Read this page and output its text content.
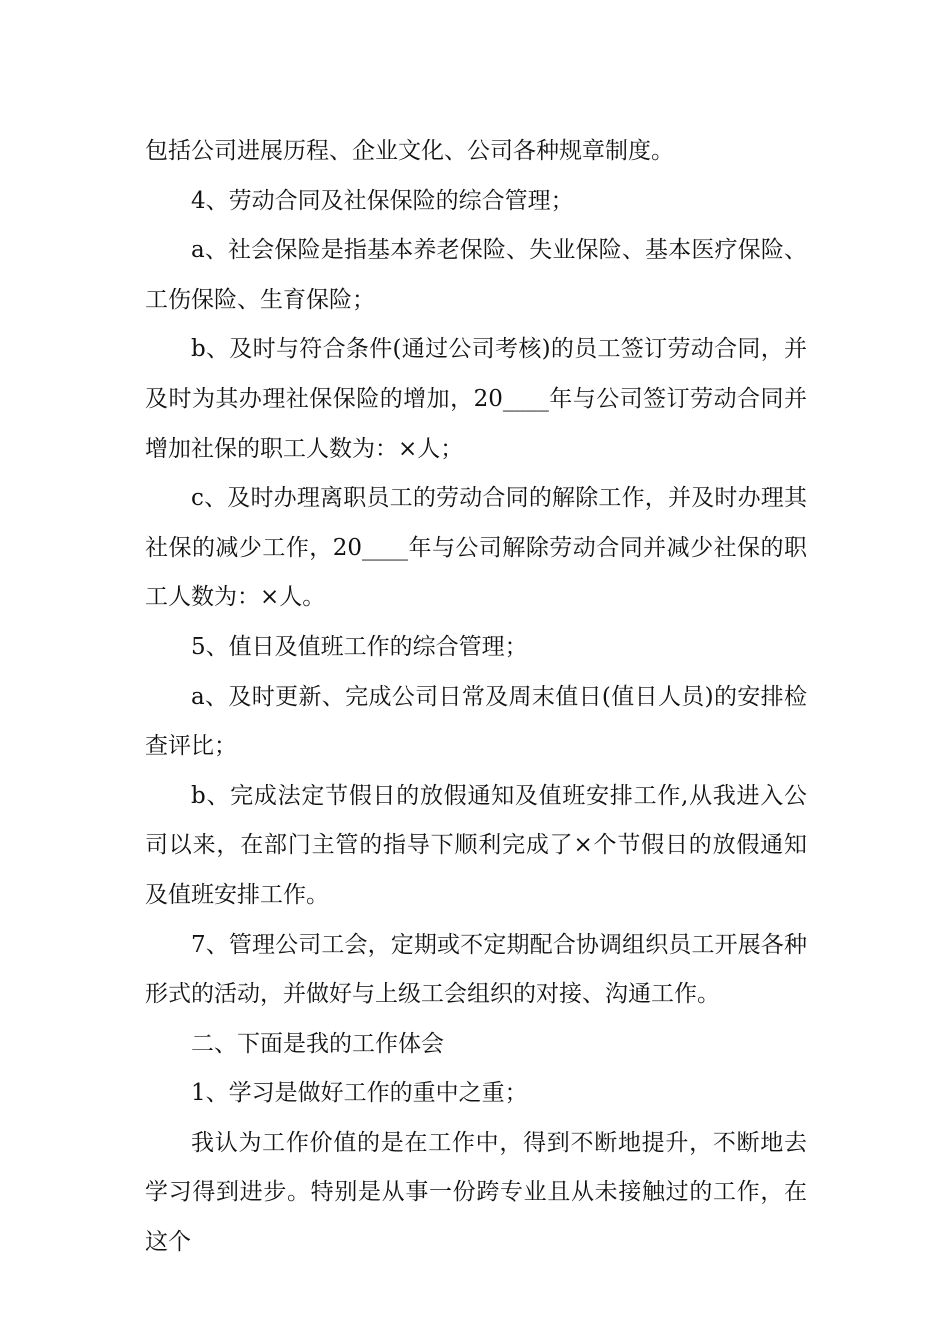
包括公司进展历程、企业文化、公司各种规章制度。

4、劳动合同及社保保险的综合管理；

a、社会保险是指基本养老保险、失业保险、基本医疗保险、工伤保险、生育保险；

b、及时与符合条件(通过公司考核)的员工签订劳动合同，并及时为其办理社保保险的增加，20____年与公司签订劳动合同并增加社保的职工人数为：×人；

c、及时办理离职员工的劳动合同的解除工作，并及时办理其社保的减少工作，20____年与公司解除劳动合同并减少社保的职工人数为：×人。

5、值日及值班工作的综合管理；

a、及时更新、完成公司日常及周末值日(值日人员)的安排检查评比；

b、完成法定节假日的放假通知及值班安排工作,从我进入公司以来，在部门主管的指导下顺利完成了×个节假日的放假通知及值班安排工作。

7、管理公司工会，定期或不定期配合协调组织员工开展各种形式的活动，并做好与上级工会组织的对接、沟通工作。

二、下面是我的工作体会

1、学习是做好工作的重中之重；

我认为工作价值的是在工作中，得到不断地提升，不断地去学习得到进步。特别是从事一份跨专业且从未接触过的工作，在这个
